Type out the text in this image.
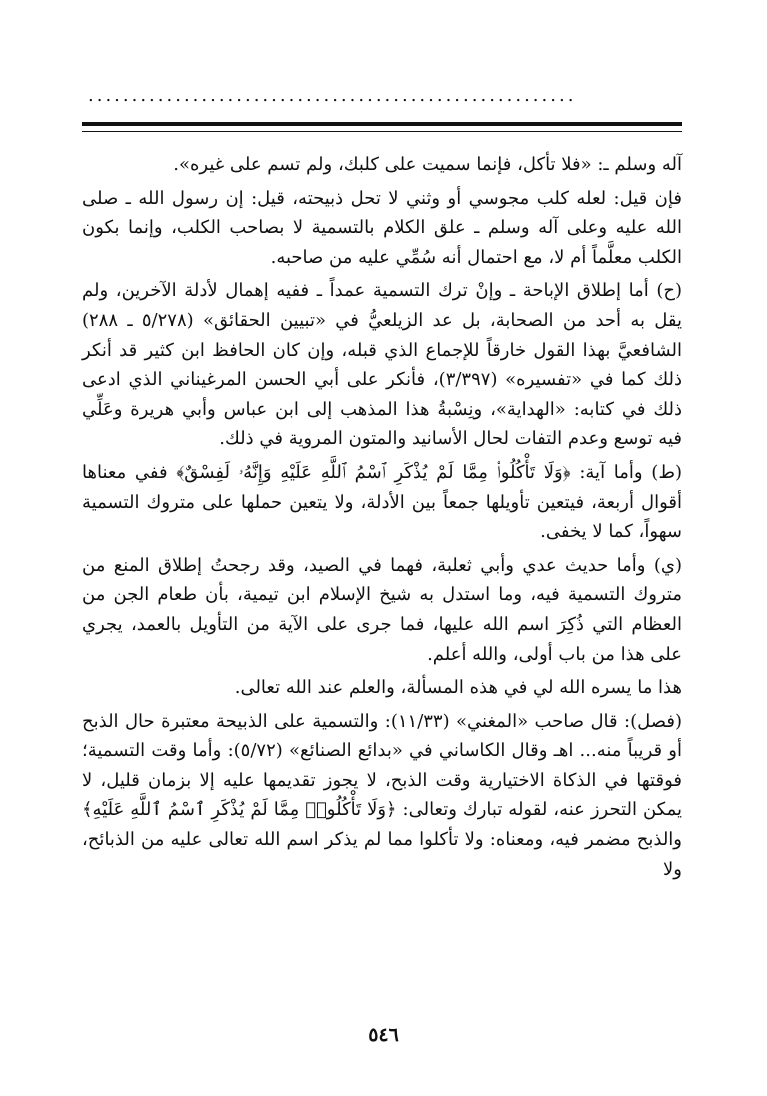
........................................................

آله وسلم ـ: «فلا تأكل، فإنما سميت على كلبك، ولم تسم على غيره».

فإن قيل: لعله كلب مجوسي أو وثني لا تحل ذبيحته، قيل: إن رسول الله ـ صلى الله عليه وعلى آله وسلم ـ علق الكلام بالتسمية لا بصاحب الكلب، وإنما بكون الكلب معلَّماً أم لا، مع احتمال أنه سُمِّي عليه من صاحبه.

(ح) أما إطلاق الإباحة ـ وإنْ ترك التسمية عمداً ـ ففيه إهمال لأدلة الآخرين، ولم يقل به أحد من الصحابة، بل عد الزيلعيُّ في «تبيين الحقائق» (٥/٢٧٨ ـ ٢٨٨) الشافعيَّ بهذا القول خارقاً للإجماع الذي قبله، وإن كان الحافظ ابن كثير قد أنكر ذلك كما في «تفسيره» (٣/٣٩٧)، فأنكر على أبي الحسن المرغيناني الذي ادعى ذلك في كتابه: «الهداية»، ونِسْبةُ هذا المذهب إلى ابن عباس وأبي هريرة وعَلِّي فيه توسع وعدم التفات لحال الأسانيد والمتون المروية في ذلك.

(ط) وأما آية: ﴿وَلَا تَأْكُلُوا۟ مِمَّا لَمْ يُذْكَرِ ٱسْمُ ٱللَّهِ عَلَيْهِ وَإِنَّهُۥ لَفِسْقٌ﴾ ففي معناها أقوال أربعة، فيتعين تأويلها جمعاً بين الأدلة، ولا يتعين حملها على متروك التسمية سهواً، كما لا يخفى.

(ي) وأما حديث عدي وأبي ثعلبة، فهما في الصيد، وقد رجحتُ إطلاق المنع من متروك التسمية فيه، وما استدل به شيخ الإسلام ابن تيمية، بأن طعام الجن من العظام التي ذُكِرَ اسم الله عليها، فما جرى على الآية من التأويل بالعمد، يجري على هذا من باب أولى، والله أعلم.

هذا ما يسره الله لي في هذه المسألة، والعلم عند الله تعالى.

(فصل): قال صاحب «المغني» (١١/٣٣): والتسمية على الذبيحة معتبرة حال الذبح أو قريباً منه... اهـ وقال الكاساني في «بدائع الصنائع» (٥/٧٢): وأما وقت التسمية؛ فوقتها في الذكاة الاختيارية وقت الذبح، لا يجوز تقديمها عليه إلا بزمان قليل، لا يمكن التحرز عنه، لقوله تبارك وتعالى: ﴿وَلَا تَأْكُلُوا۟ مِمَّا لَمْ يُذْكَرِ ٱسْمُ ٱللَّهِ عَلَيْهِ﴾ والذبح مضمر فيه، ومعناه: ولا تأكلوا مما لم يذكر اسم الله تعالى عليه من الذبائح، ولا

٥٤٦
